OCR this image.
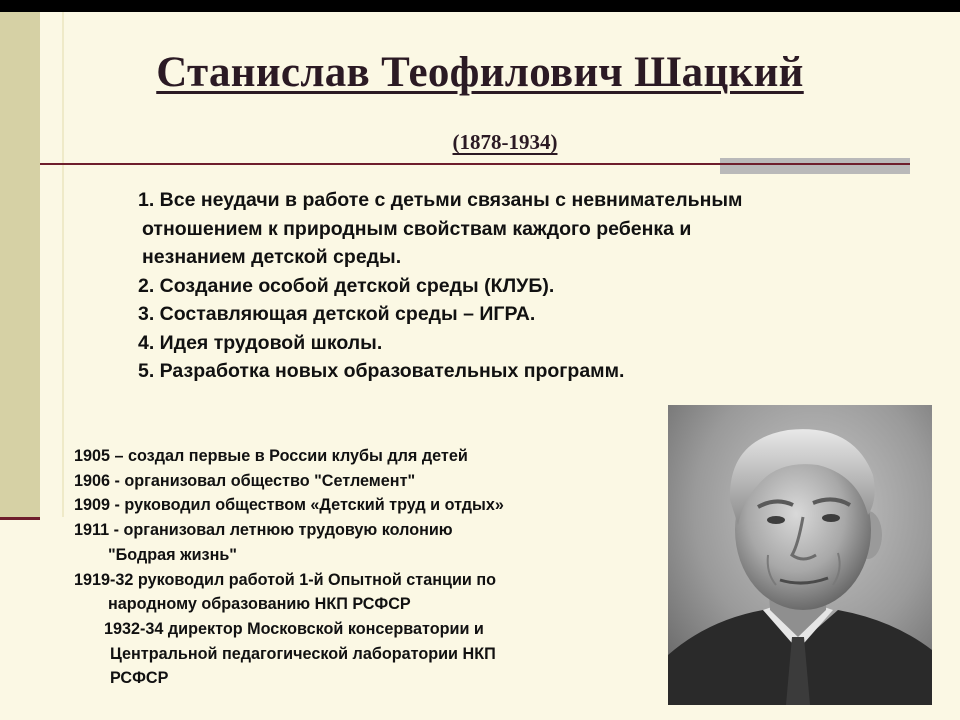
Станислав Теофилович Шацкий
(1878-1934)
1. Все неудачи в работе с детьми связаны с невнимательным
отношением к природным свойствам каждого ребенка и
незнанием детской среды.
2. Создание особой детской среды (КЛУБ).
3. Составляющая детской среды – ИГРА.
4. Идея трудовой школы.
5. Разработка новых образовательных программ.
1905 – создал первые в России клубы для детей
1906 - организовал общество "Сетлемент"
1909 - руководил обществом «Детский труд и отдых»
1911 - организовал летнюю трудовую колонию
"Бодрая жизнь"
1919-32 руководил работой 1-й Опытной станции по
народному образованию НКП РСФСР
1932-34 директор Московской консерватории и
Центральной педагогической лаборатории НКП
РСФСР
